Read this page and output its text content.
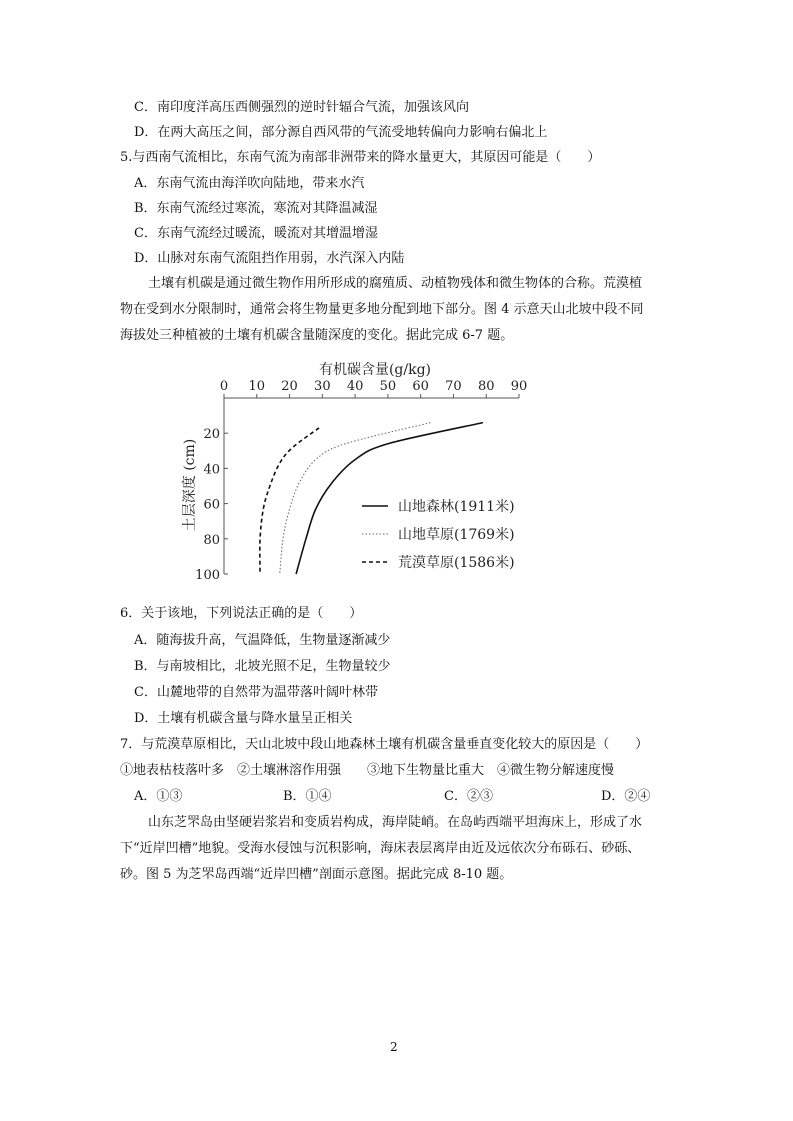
C．南印度洋高压西侧强烈的逆时针辐合气流，加强该风向
D．在两大高压之间，部分源自西风带的气流受地转偏向力影响右偏北上
5.与西南气流相比，东南气流为南部非洲带来的降水量更大，其原因可能是（　　）
A．东南气流由海洋吹向陆地，带来水汽
B．东南气流经过寒流，寒流对其降温减湿
C．东南气流经过暖流，暖流对其增温增湿
D．山脉对东南气流阻挡作用弱，水汽深入内陆
土壤有机碳是通过微生物作用所形成的腐殖质、动植物残体和微生物体的合称。荒漠植
物在受到水分限制时，通常会将生物量更多地分配到地下部分。图 4 示意天山北坡中段不同
海拔处三种植被的土壤有机碳含量随深度的变化。据此完成 6-7 题。
有机碳含量(g/kg)
土层深度 (cm)
0 10 20 30 40 50 60 70 80 90
20
40
60
80
100
山地森林(1911米)
山地草原(1769米)
荒漠草原(1586米)
6．关于该地，下列说法正确的是（　　）
A．随海拔升高，气温降低，生物量逐渐减少
B．与南坡相比，北坡光照不足，生物量较少
C．山麓地带的自然带为温带落叶阔叶林带
D．土壤有机碳含量与降水量呈正相关
7．与荒漠草原相比，天山北坡中段山地森林土壤有机碳含量垂直变化较大的原因是（　　）
①地表枯枝落叶多　②土壤淋溶作用强　　③地下生物量比重大　④微生物分解速度慢
A．①③	B．①④	C．②③	D．②④
山东芝罘岛由坚硬岩浆岩和变质岩构成，海岸陡峭。在岛屿西端平坦海床上，形成了水
下“近岸凹槽”地貌。受海水侵蚀与沉积影响，海床表层离岸由近及远依次分布砾石、砂砾、
砂。图 5 为芝罘岛西端“近岸凹槽”剖面示意图。据此完成 8-10 题。
2
